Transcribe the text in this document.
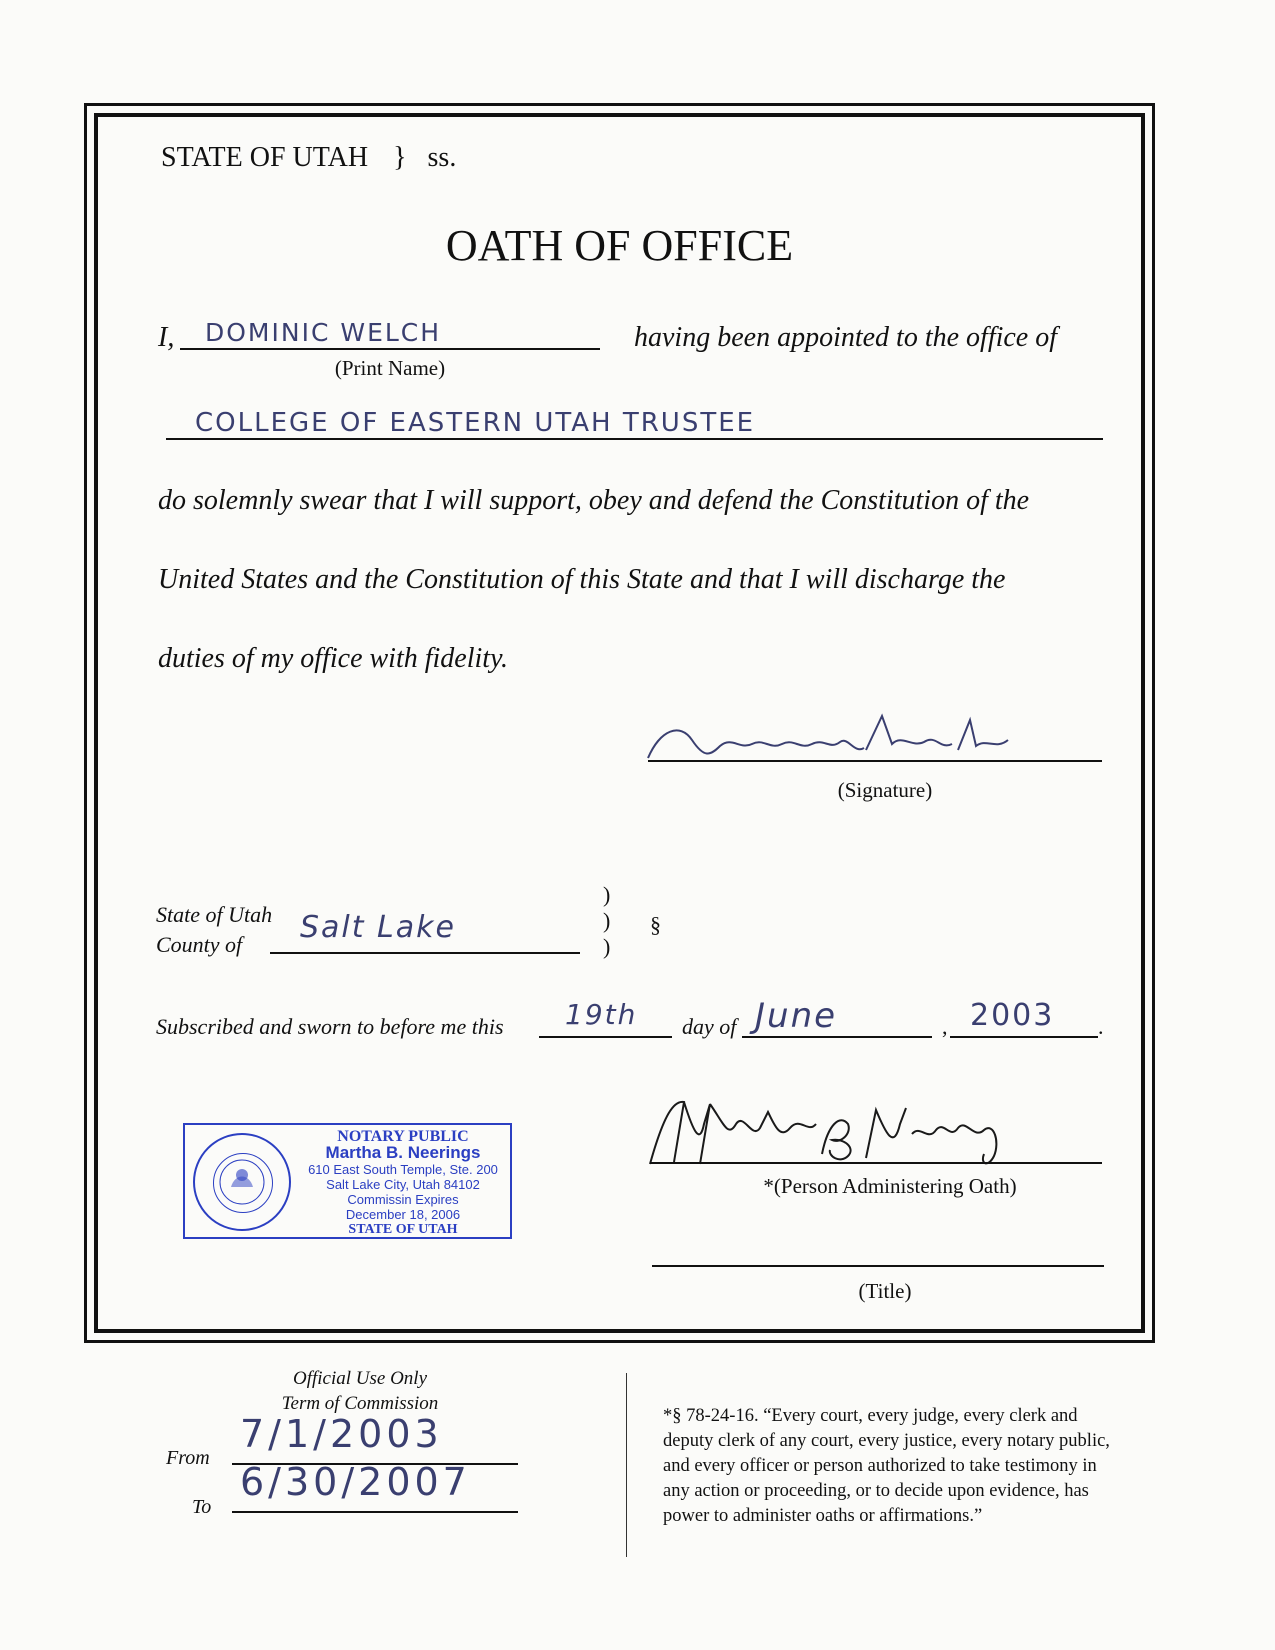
STATE OF UTAH } ss.
OATH OF OFFICE
I, DOMINIC WELCH
(Print Name)
having been appointed to the office of
COLLEGE OF EASTERN UTAH TRUSTEE
do solemnly swear that I will support, obey and defend the Constitution of the
United States and the Constitution of this State and that I will discharge the
duties of my office with fidelity.
(Signature)
State of Utah
County of Salt Lake
)
)
)
§
Subscribed and sworn to before me this 19th day of June	, 2003 .
NOTARY PUBLIC
Martha B. Neerings
610 East South Temple, Ste. 200
Salt Lake City, Utah 84102
Commissin Expires
December 18, 2006
STATE OF UTAH
*(Person Administering Oath)
(Title)
Official Use Only
Term of Commission
From
7/1/2003
To
6/30/2007
*§ 78-24-16. “Every court, every judge, every clerk and
deputy clerk of any court, every justice, every notary public,
and every officer or person authorized to take testimony in
any action or proceeding, or to decide upon evidence, has
power to administer oaths or affirmations.”
